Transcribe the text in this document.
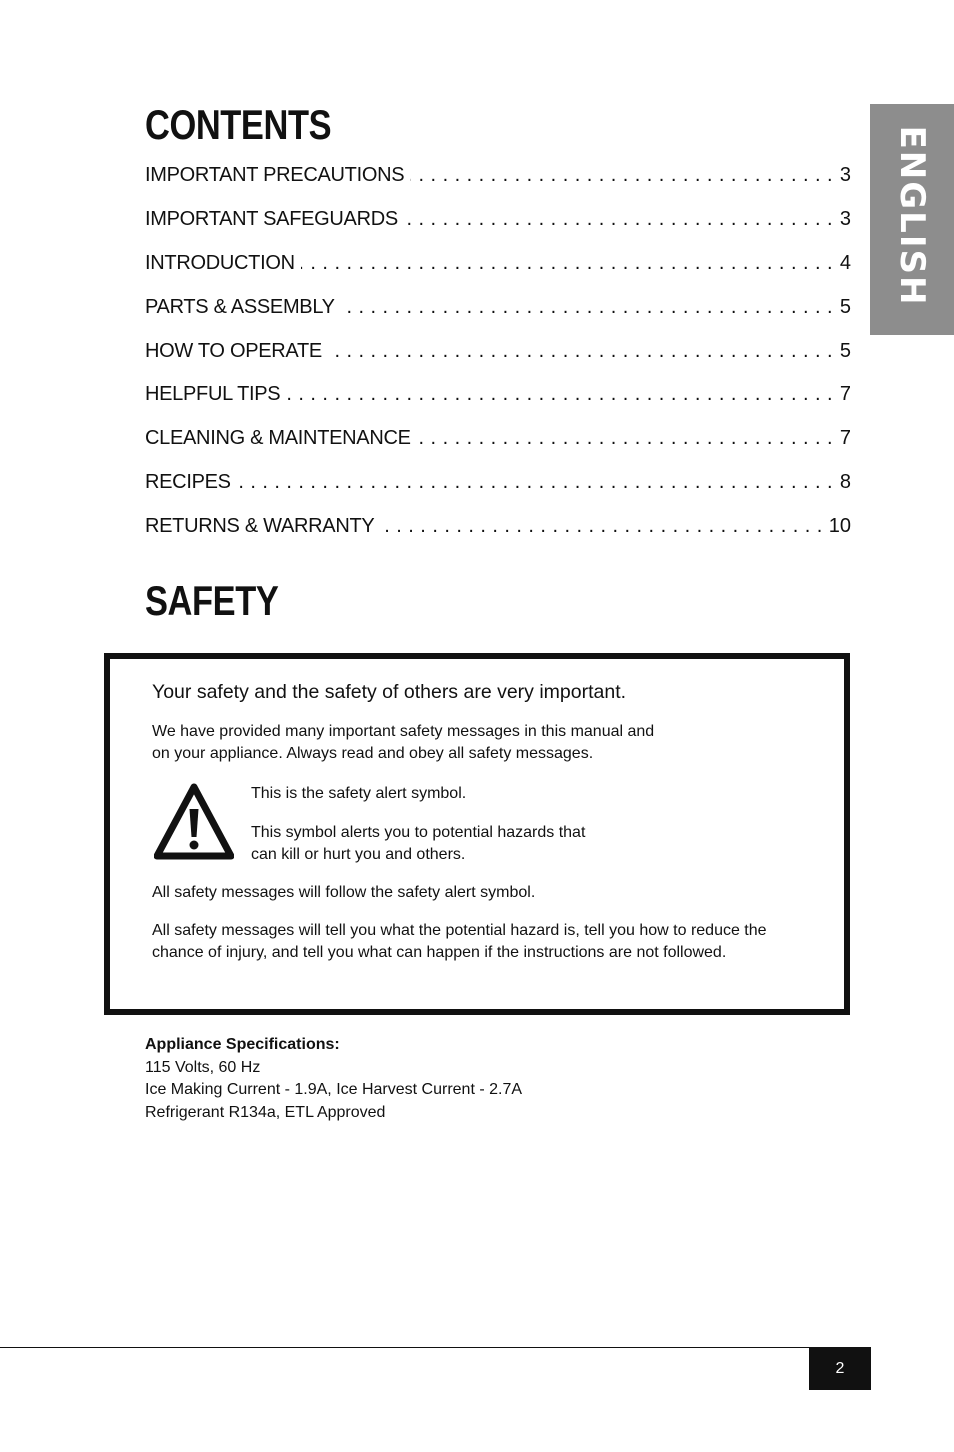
ENGLISH
CONTENTS
IMPORTANT PRECAUTIONS . . .	3
IMPORTANT SAFEGUARDS . . .	3
INTRODUCTION . . .	4
PARTS & ASSEMBLY . . .	5
HOW TO OPERATE . . .	5
HELPFUL TIPS . . .	7
CLEANING & MAINTENANCE . . .	7
RECIPES . . .	8
RETURNS & WARRANTY . . .	10
SAFETY

Your safety and the safety of others are very important.

We have provided many important safety messages in this manual and
on your appliance. Always read and obey all safety messages.

This is the safety alert symbol.

This symbol alerts you to potential hazards that
can kill or hurt you and others.

All safety messages will follow the safety alert symbol.

All safety messages will tell you what the potential hazard is, tell you how to reduce the
chance of injury, and tell you what can happen if the instructions are not followed.

Appliance Specifications:
115 Volts, 60 Hz
Ice Making Current - 1.9A, Ice Harvest Current - 2.7A
Refrigerant R134a, ETL Approved
2
